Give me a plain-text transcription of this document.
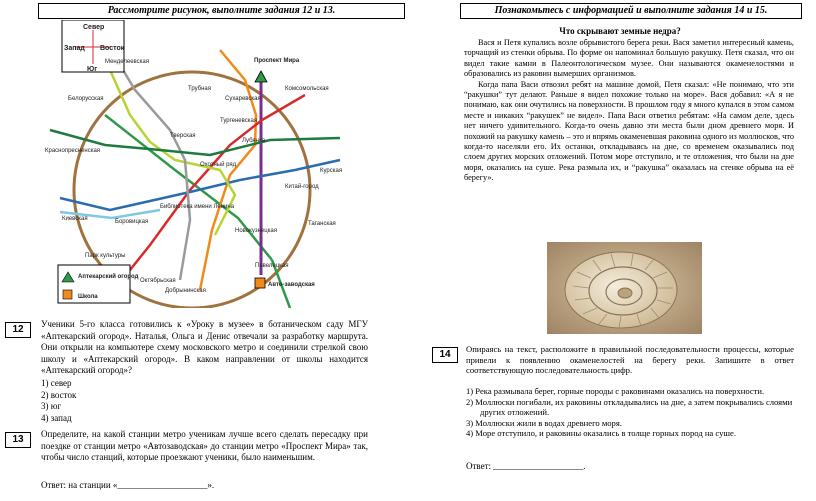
Рассмотрите рисунок, выполните задания 12 и 13.	Познакомьтесь с информацией и выполните задания 14 и 15.
Север
Запад Восток
Юг
Менделеевская	Проспект Мира
Трубная
Сухаревская
Комсомольская
Белорусская
Тверская
Тургеневская
Лубянка
Краснопресненская
Охотный ряд
Курская
Китай-город
Библиотека имени Ленина
Киевская	Боровицкая	Таганская
Новокузнецкая
Парк культуры
Павелецкая
Октябрьская
Добрынинская
Авто-заводская
Аптекарский огород
Школа
12	Ученики 5-го класса готовились к «Уроку в музее» в ботаническом саду МГУ «Аптекарский огород». Наталья, Ольга и Денис отвечали за разработку маршрута. Они открыли на компьютере схему московского метро и соединили стрелкой свою школу и «Аптекарский огород». В каком направлении от школы находится «Аптекарский огород»?
1) север
2) восток
3) юг
4) запад
13	Определите, на какой станции метро ученикам лучше всего сделать пересадку при поездке от станции метро «Автозаводская» до станции метро «Проспект Мира» так, чтобы число станций, которые проезжают ученики, было наименьшим.
Ответ: на станции «____________________».
Что скрывают земные недра?

Вася и Петя купались возле обрывистого берега реки. Вася заметил интересный камень, торчащий из стенки обрыва. По форме он напоминал большую ракушку. Петя сказал, что он видел такие камни в Палеонтологическом музее. Они называются окаменелостями и образовались из раковин вымерших организмов.

Когда папа Васи отвозил ребят на машине домой, Петя сказал: «Не понимаю, что эти “ракушки” тут делают. Раньше я видел похожие только на море». Вася добавил: «А я не понимаю, как они очутились на поверхности. В прошлом году я много купался в этом самом месте и никаких “ракушек” не видел». Папа Васи ответил ребятам: «На самом деле, здесь нет ничего удивительного. Когда-то очень давно эти места были дном древнего моря. И похожий на ракушку камень – это и впрямь окаменевшая раковина одного из моллюсков, что когда-то населяли его. Их останки, откладываясь на дне, со временем оказывались под слоем других морских отложений. Потом море отступило, и те отложения, что были на дне моря, оказались на суше. Река размыла их, и “ракушка” оказалась на стенке обрыва на её берегу».

14	Опираясь на текст, расположите в правильной последовательности процессы, которые привели к появлению окаменелостей на берегу реки. Запишите в ответ соответствующую последовательность цифр.
1) Река размывала берег, горные породы с раковинами оказались на поверхности.
2) Моллюски погибали, их раковины откладывались на дне, а затем покрывались слоями других отложений.
3) Моллюски жили в водах древнего моря.
4) Море отступило, и раковины оказались в толще горных пород на суше.
Ответ: ____________________.
